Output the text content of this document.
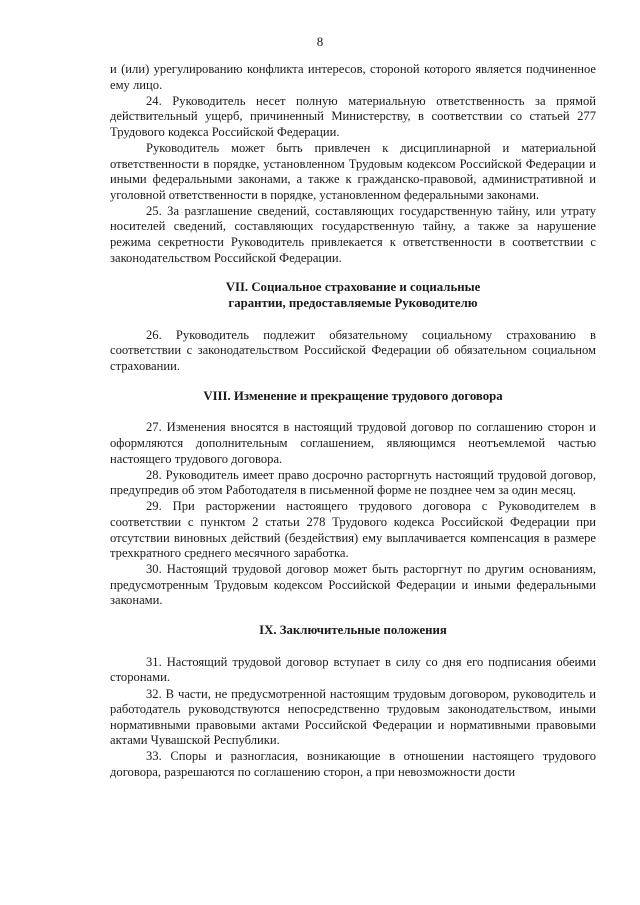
8

и (или) урегулированию конфликта интересов, стороной которого является подчиненное ему лицо.

24. Руководитель несет полную материальную ответственность за прямой действительный ущерб, причиненный Министерству, в соответствии со статьей 277 Трудового кодекса Российской Федерации.

Руководитель может быть привлечен к дисциплинарной и материальной ответственности в порядке, установленном Трудовым кодексом Российской Федерации и иными федеральными законами, а также к гражданско-правовой, административной и уголовной ответственности в порядке, установленном федеральными законами.

25. За разглашение сведений, составляющих государственную тайну, или утрату носителей сведений, составляющих государственную тайну, а также за нарушение режима секретности Руководитель привлекается к ответственности в соответствии с законодательством Российской Федерации.

VII. Социальное страхование и социальные
гарантии, предоставляемые Руководителю

26. Руководитель подлежит обязательному социальному страхованию в соответствии с законодательством Российской Федерации об обязательном социальном страховании.

VIII. Изменение и прекращение трудового договора

27. Изменения вносятся в настоящий трудовой договор по соглашению сторон и оформляются дополнительным соглашением, являющимся неотъемлемой частью настоящего трудового договора.

28. Руководитель имеет право досрочно расторгнуть настоящий трудовой договор, предупредив об этом Работодателя в письменной форме не позднее чем за один месяц.

29. При расторжении настоящего трудового договора с Руководителем в соответствии с пунктом 2 статьи 278 Трудового кодекса Российской Федерации при отсутствии виновных действий (бездействия) ему выплачивается компенсация в размере трехкратного среднего месячного заработка.

30. Настоящий трудовой договор может быть расторгнут по другим основаниям, предусмотренным Трудовым кодексом Российской Федерации и иными федеральными законами.

IX. Заключительные положения

31. Настоящий трудовой договор вступает в силу со дня его подписания обеими сторонами.

32. В части, не предусмотренной настоящим трудовым договором, руководитель и работодатель руководствуются непосредственно трудовым законодательством, иными нормативными правовыми актами Российской Федерации и нормативными правовыми актами Чувашской Республики.

33. Споры и разногласия, возникающие в отношении настоящего трудового договора, разрешаются по соглашению сторон, а при невозможности дости
